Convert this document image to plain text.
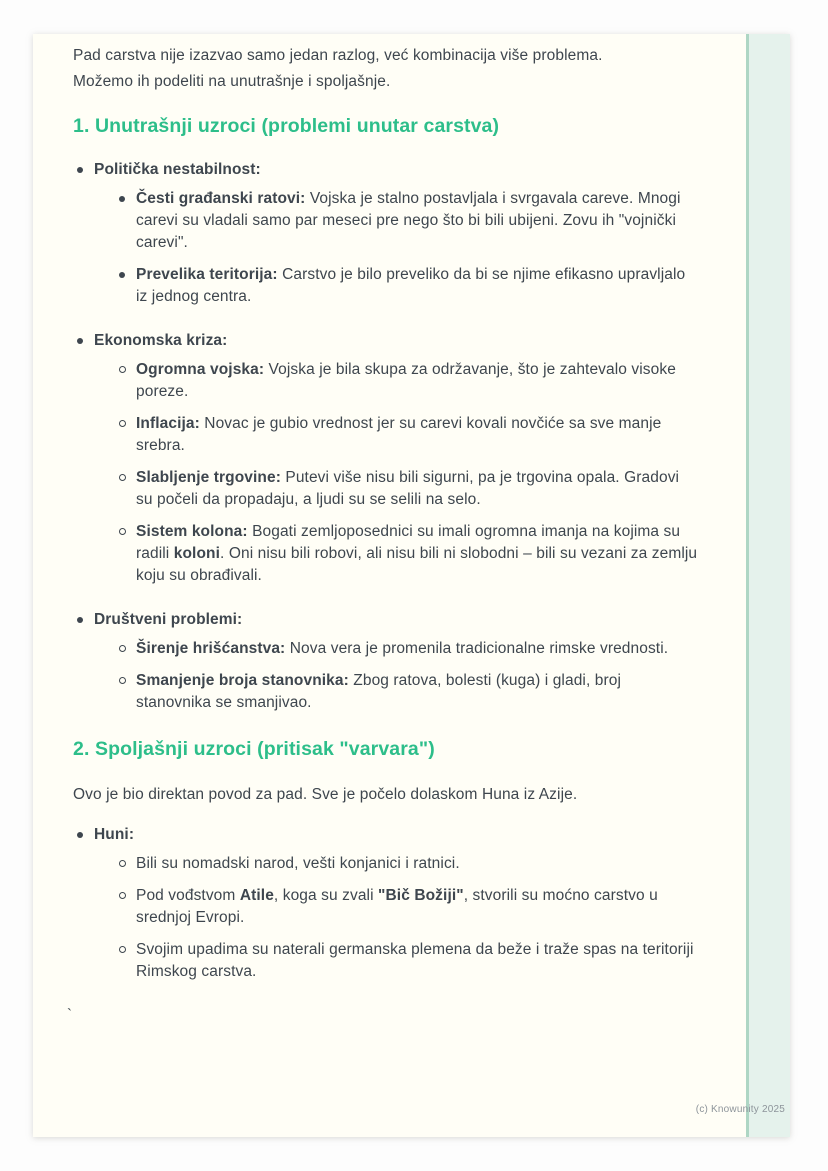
Pad carstva nije izazvao samo jedan razlog, već kombinacija više problema.
Možemo ih podeliti na unutrašnje i spoljašnje.

1. Unutrašnji uzroci (problemi unutar carstva)
Politička nestabilnost:

Česti građanski ratovi: Vojska je stalno postavljala i svrgavala careve. Mnogi carevi su vladali samo par meseci pre nego što bi bili ubijeni. Zovu ih "vojnički carevi".

Prevelika teritorija: Carstvo je bilo preveliko da bi se njime efikasno upravljalo iz jednog centra.

Ekonomska kriza:

Ogromna vojska: Vojska je bila skupa za održavanje, što je zahtevalo visoke poreze.

Inflacija: Novac je gubio vrednost jer su carevi kovali novčiće sa sve manje srebra.

Slabljenje trgovine: Putevi više nisu bili sigurni, pa je trgovina opala. Gradovi su počeli da propadaju, a ljudi su se selili na selo.

Sistem kolona: Bogati zemljoposednici su imali ogromna imanja na kojima su radili koloni. Oni nisu bili robovi, ali nisu bili ni slobodni – bili su vezani za zemlju koju su obrađivali.

Društveni problemi:

Širenje hrišćanstva: Nova vera je promenila tradicionalne rimske vrednosti.

Smanjenje broja stanovnika: Zbog ratova, bolesti (kuga) i gladi, broj stanovnika se smanjivao.

2. Spoljašnji uzroci (pritisak "varvara")

Ovo je bio direktan povod za pad. Sve je počelo dolaskom Huna iz Azije.

Huni:

Bili su nomadski narod, vešti konjanici i ratnici.

Pod vođstvom Atile, koga su zvali "Bič Božiji", stvorili su moćno carstvo u srednjoj Evropi.

Svojim upadima su naterali germanska plemena da beže i traže spas na teritoriji Rimskog carstva.

`
(c) Knowunity 2025
